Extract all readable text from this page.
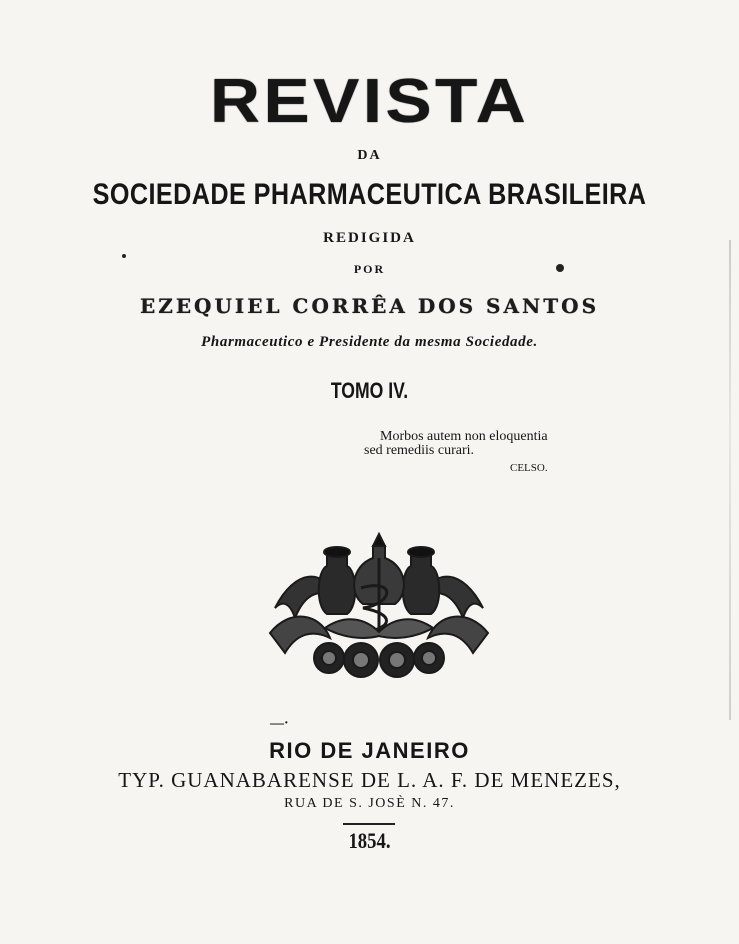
REVISTA
DA
SOCIEDADE PHARMACEUTICA BRASILEIRA
REDIGIDA
POR
EZEQUIEL CORRÊA DOS SANTOS
Pharmaceutico e Presidente da mesma Sociedade.
TOMO IV.
Morbos autem non eloquentia
sed remediis curari.
CELSO.
—·
RIO DE JANEIRO
TYP. GUANABARENSE DE L. A. F. DE MENEZES,
RUA DE S. JOSÈ N. 47.
1854.
